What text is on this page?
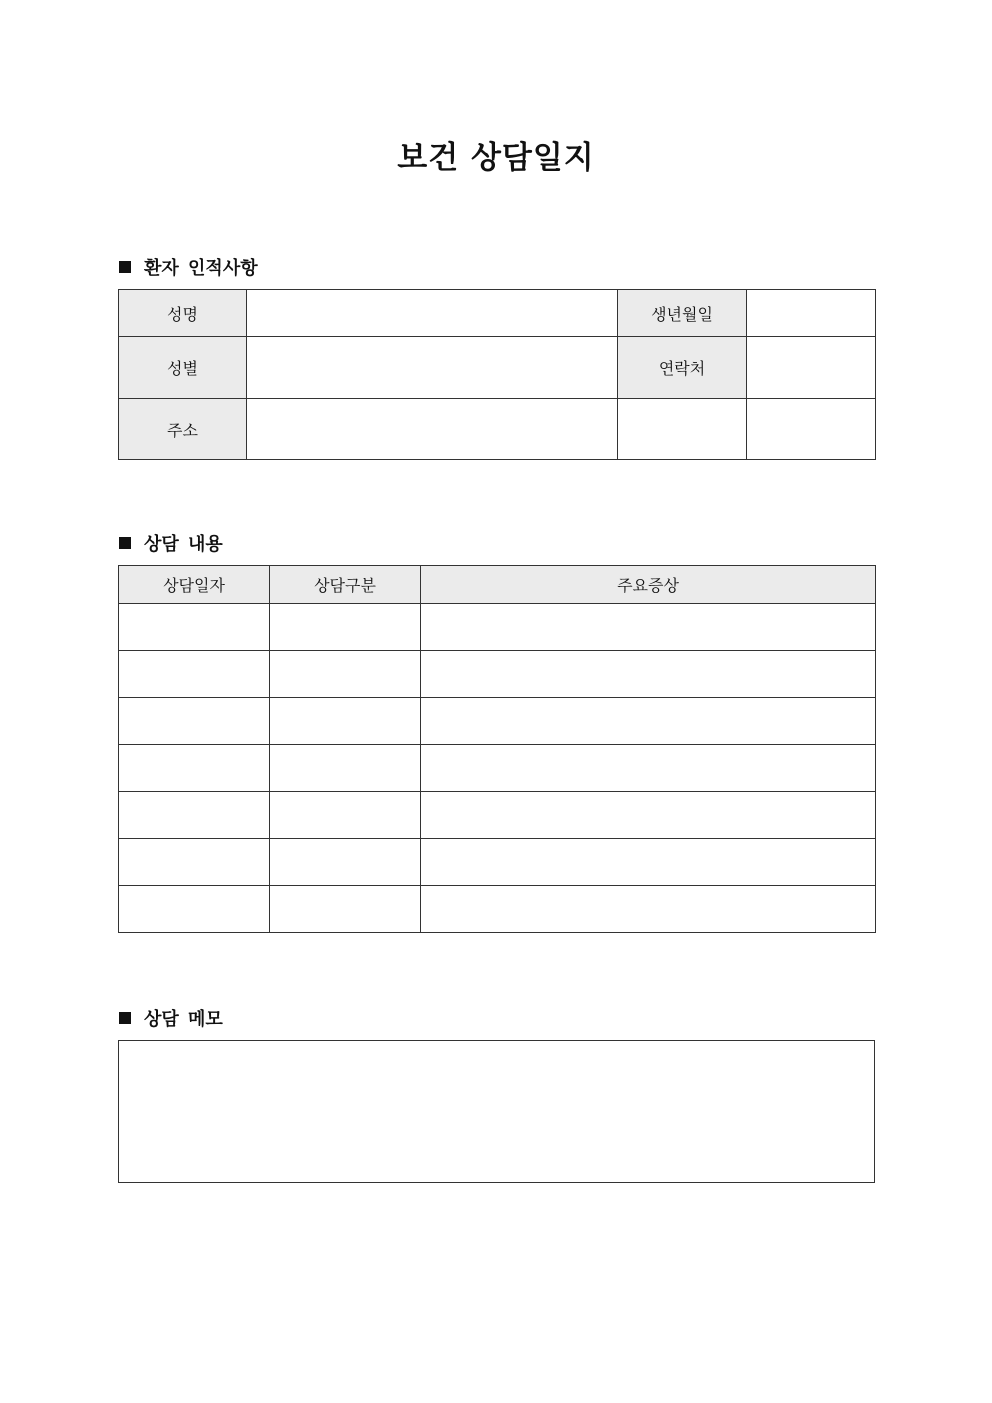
보건 상담일지
환자 인적사항
성명		생년월일	
성별		연락처	
주소			
상담 내용
상담일자	상담구분	주요증상

상담 메모
